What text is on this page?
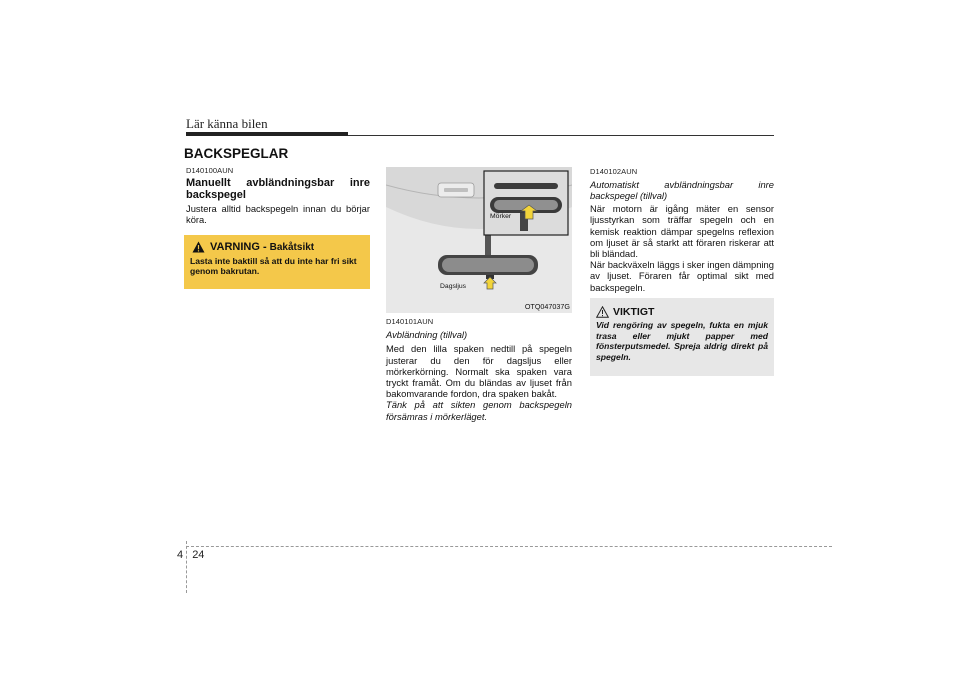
Lär känna bilen
BACKSPEGLAR
D140100AUN
Manuellt avbländningsbar inre backspegel
Justera alltid backspegeln innan du börjar köra.
VARNING - Bakåtsikt
Lasta inte baktill så att du inte har fri sikt genom bakrutan.
Mörker
Dagsljus
OTQ047037G
D140101AUN
Avbländning (tillval)
Med den lilla spaken nedtill på spegeln justerar du den för dagsljus eller mörkerkörning. Normalt ska spaken vara tryckt framåt. Om du bländas av ljuset från bakomvarande fordon, dra spaken bakåt.
Tänk på att sikten genom backspegeln försämras i mörkerläget.
D140102AUN
Automatiskt avbländningsbar inre backspegel (tillval)
När motorn är igång mäter en sensor ljusstyrkan som träffar spegeln och en kemisk reaktion dämpar spegelns reflexion om ljuset är så starkt att föraren riskerar att bli bländad.
När backväxeln läggs i sker ingen dämpning av ljuset. Föraren får optimal sikt med backspegeln.
VIKTIGT
Vid rengöring av spegeln, fukta en mjuk trasa eller mjukt papper med fönsterputsmedel. Spreja aldrig direkt på spegeln.
4 24
